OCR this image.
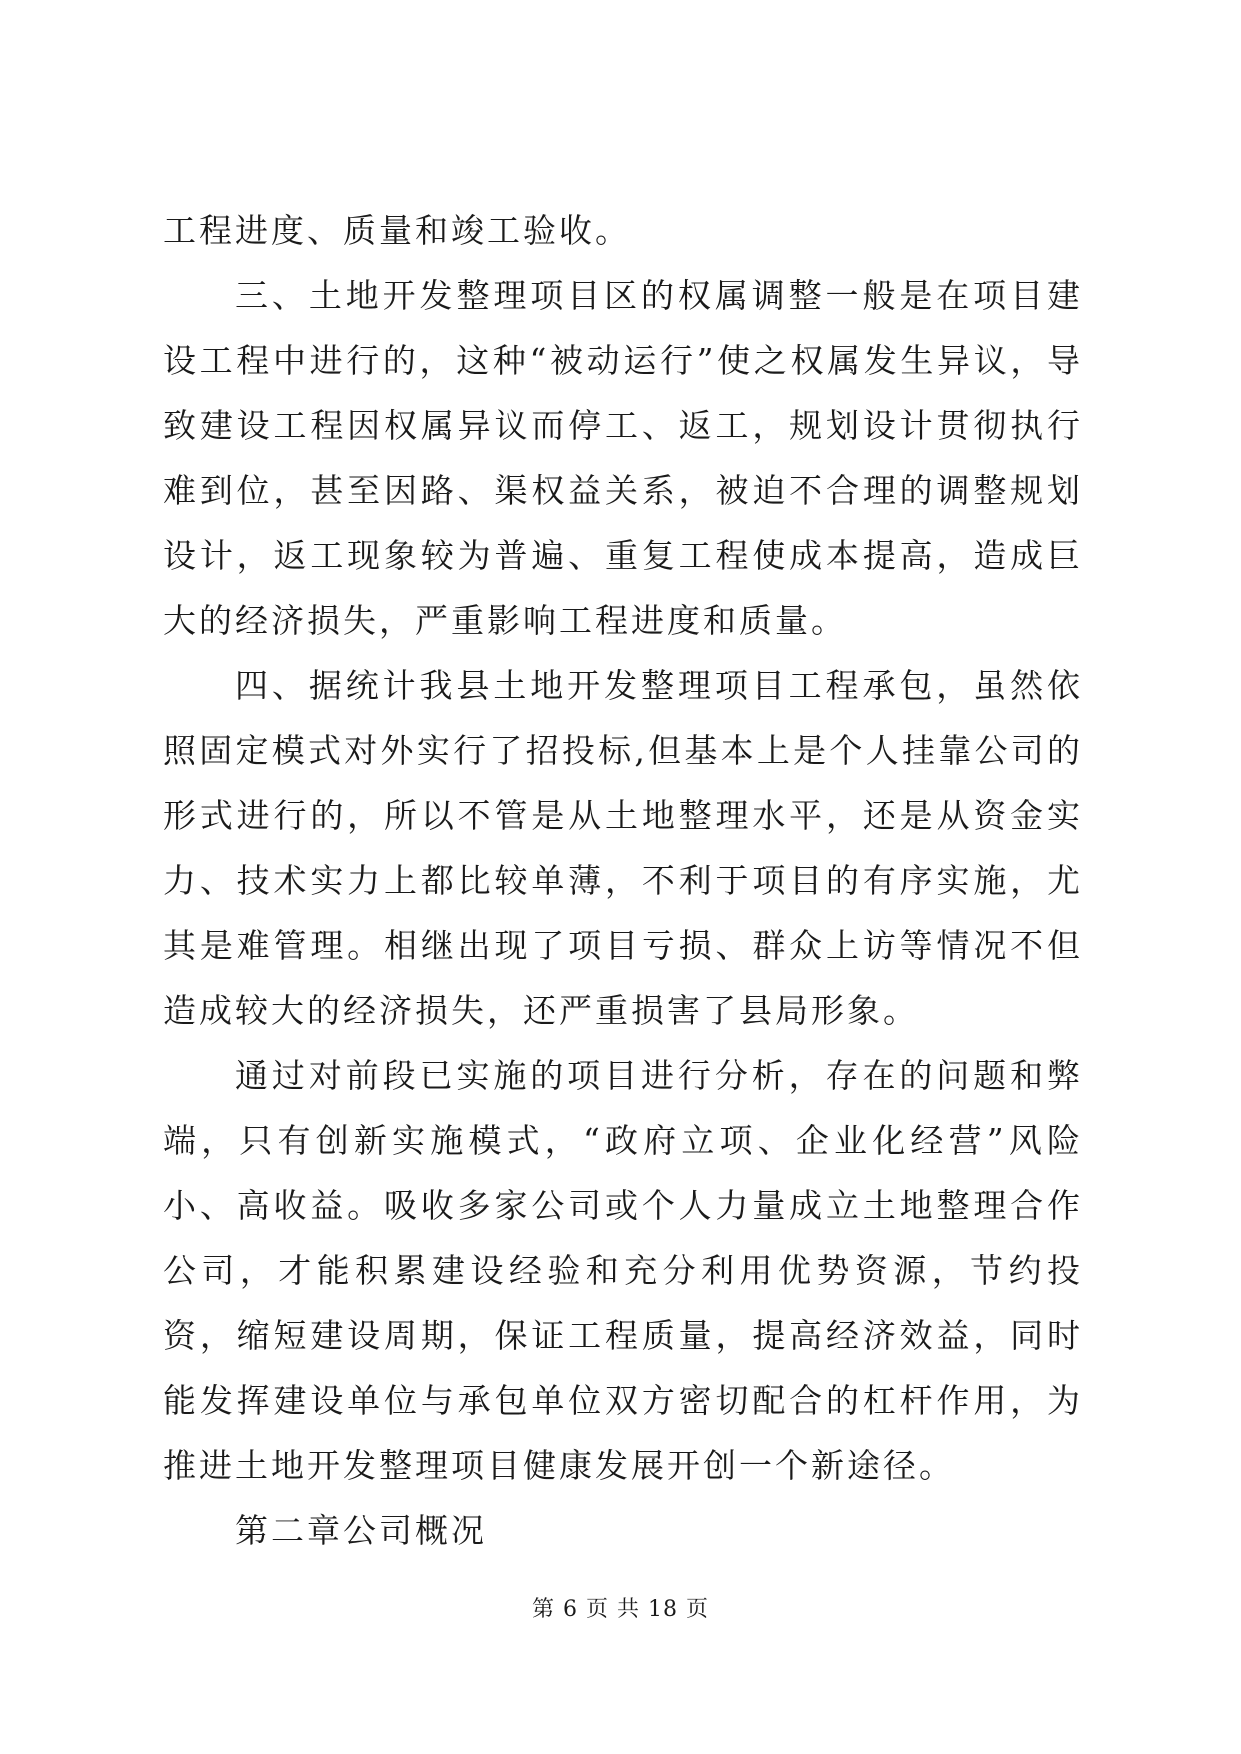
工程进度、质量和竣工验收。

三、土地开发整理项目区的权属调整一般是在项目建设工程中进行的，这种“被动运行”使之权属发生异议，导致建设工程因权属异议而停工、返工，规划设计贯彻执行难到位，甚至因路、渠权益关系，被迫不合理的调整规划设计，返工现象较为普遍、重复工程使成本提高，造成巨大的经济损失，严重影响工程进度和质量。

四、据统计我县土地开发整理项目工程承包，虽然依照固定模式对外实行了招投标,但基本上是个人挂靠公司的形式进行的，所以不管是从土地整理水平，还是从资金实力、技术实力上都比较单薄，不利于项目的有序实施，尤其是难管理。相继出现了项目亏损、群众上访等情况不但造成较大的经济损失，还严重损害了县局形象。

通过对前段已实施的项目进行分析，存在的问题和弊端，只有创新实施模式，“政府立项、企业化经营”风险小、高收益。吸收多家公司或个人力量成立土地整理合作公司，才能积累建设经验和充分利用优势资源，节约投资，缩短建设周期，保证工程质量，提高经济效益，同时能发挥建设单位与承包单位双方密切配合的杠杆作用，为推进土地开发整理项目健康发展开创一个新途径。

第二章公司概况

第 6 页 共 18 页
